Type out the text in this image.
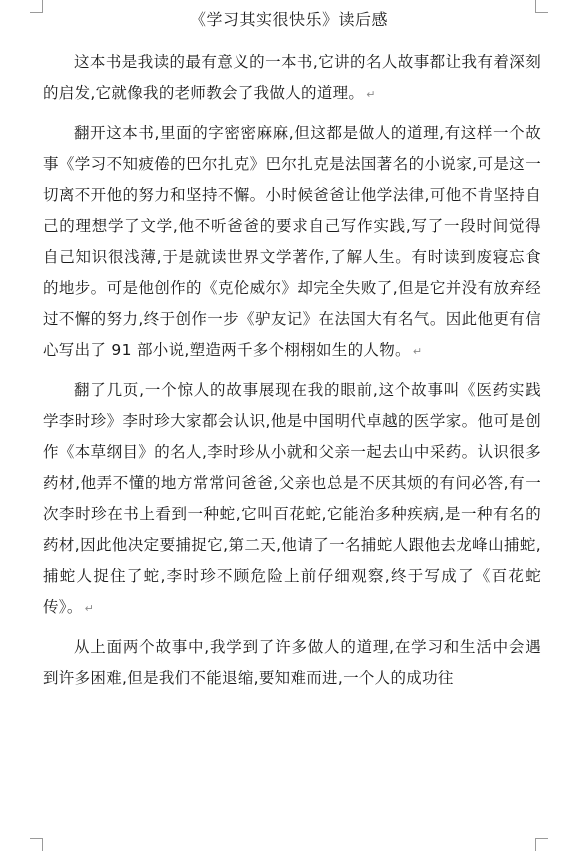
《学习其实很快乐》读后感

这本书是我读的最有意义的一本书,它讲的名人故事都让我有着深刻的启发,它就像我的老师教会了我做人的道理。 ↵

翻开这本书,里面的字密密麻麻,但这都是做人的道理,有这样一个故事《学习不知疲倦的巴尔扎克》巴尔扎克是法国著名的小说家,可是这一切离不开他的努力和坚持不懈。小时候爸爸让他学法律,可他不肯坚持自己的理想学了文学,他不听爸爸的要求自己写作实践,写了一段时间觉得自己知识很浅薄,于是就读世界文学著作,了解人生。有时读到废寝忘食的地步。可是他创作的《克伦威尔》却完全失败了,但是它并没有放弃经过不懈的努力,终于创作一步《驴友记》在法国大有名气。因此他更有信心写出了 91 部小说,塑造两千多个栩栩如生的人物。 ↵

翻了几页,一个惊人的故事展现在我的眼前,这个故事叫《医药实践学李时珍》李时珍大家都会认识,他是中国明代卓越的医学家。他可是创作《本草纲目》的名人,李时珍从小就和父亲一起去山中采药。认识很多药材,他弄不懂的地方常常问爸爸,父亲也总是不厌其烦的有问必答,有一次李时珍在书上看到一种蛇,它叫百花蛇,它能治多种疾病,是一种有名的药材,因此他决定要捕捉它,第二天,他请了一名捕蛇人跟他去龙峰山捕蛇,捕蛇人捉住了蛇,李时珍不顾危险上前仔细观察,终于写成了《百花蛇传》。 ↵

从上面两个故事中,我学到了许多做人的道理,在学习和生活中会遇到许多困难,但是我们不能退缩,要知难而进,一个人的成功往
